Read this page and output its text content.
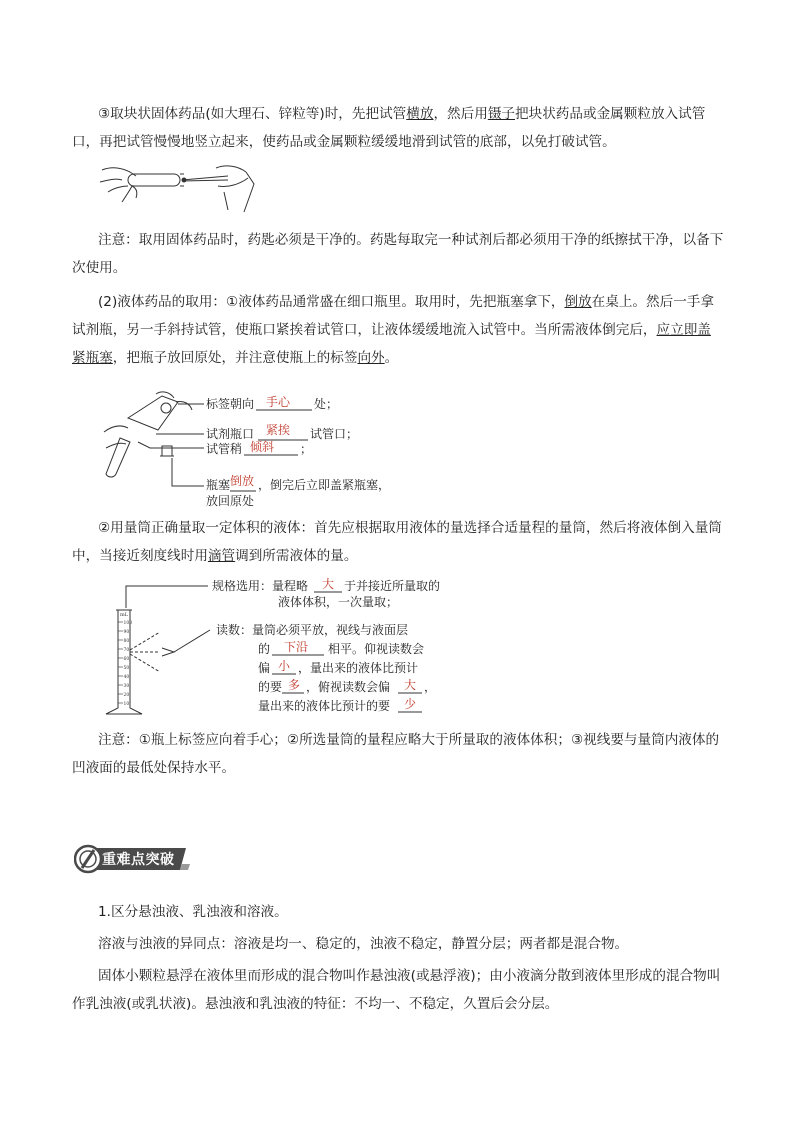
③取块状固体药品(如大理石、锌粒等)时，先把试管横放，然后用镊子把块状药品或金属颗粒放入试管口，再把试管慢慢地竖立起来，使药品或金属颗粒缓缓地滑到试管的底部，以免打破试管。

注意：取用固体药品时，药匙必须是干净的。药匙每取完一种试剂后都必须用干净的纸擦拭干净，以备下次使用。

(2)液体药品的取用：①液体药品通常盛在细口瓶里。取用时，先把瓶塞拿下，倒放在桌上。然后一手拿试剂瓶，另一手斜持试管，使瓶口紧挨着试管口，让液体缓缓地流入试管中。当所需液体倒完后，应立即盖紧瓶塞，把瓶子放回原处，并注意使瓶上的标签向外。

标签朝向 手心 处；
试剂瓶口 紧挨 试管口；
试管稍 倾斜 ；
瓶塞 倒放 ，倒完后立即盖紧瓶塞，
放回原处

②用量筒正确量取一定体积的液体：首先应根据取用液体的量选择合适量程的量筒，然后将液体倒入量筒中，当接近刻度线时用滴管调到所需液体的量。

mL
100
90
80
70
60
50
40
30
20
10
规格选用：量程略 大 于并接近所量取的
液体体积，一次量取；
读数：量筒必须平放，视线与液面层
的 下沿 相平。仰视读数会
偏 小 ，量出来的液体比预计
的要 多 ，俯视读数会偏 大 ，
量出来的液体比预计的要 少

注意：①瓶上标签应向着手心；②所选量筒的量程应略大于所量取的液体体积；③视线要与量筒内液体的凹液面的最低处保持水平。

重难点突破

1.区分悬浊液、乳浊液和溶液。

溶液与浊液的异同点：溶液是均一、稳定的，浊液不稳定，静置分层；两者都是混合物。

固体小颗粒悬浮在液体里而形成的混合物叫作悬浊液(或悬浮液)；由小液滴分散到液体里形成的混合物叫作乳浊液(或乳状液)。悬浊液和乳浊液的特征：不均一、不稳定，久置后会分层。
